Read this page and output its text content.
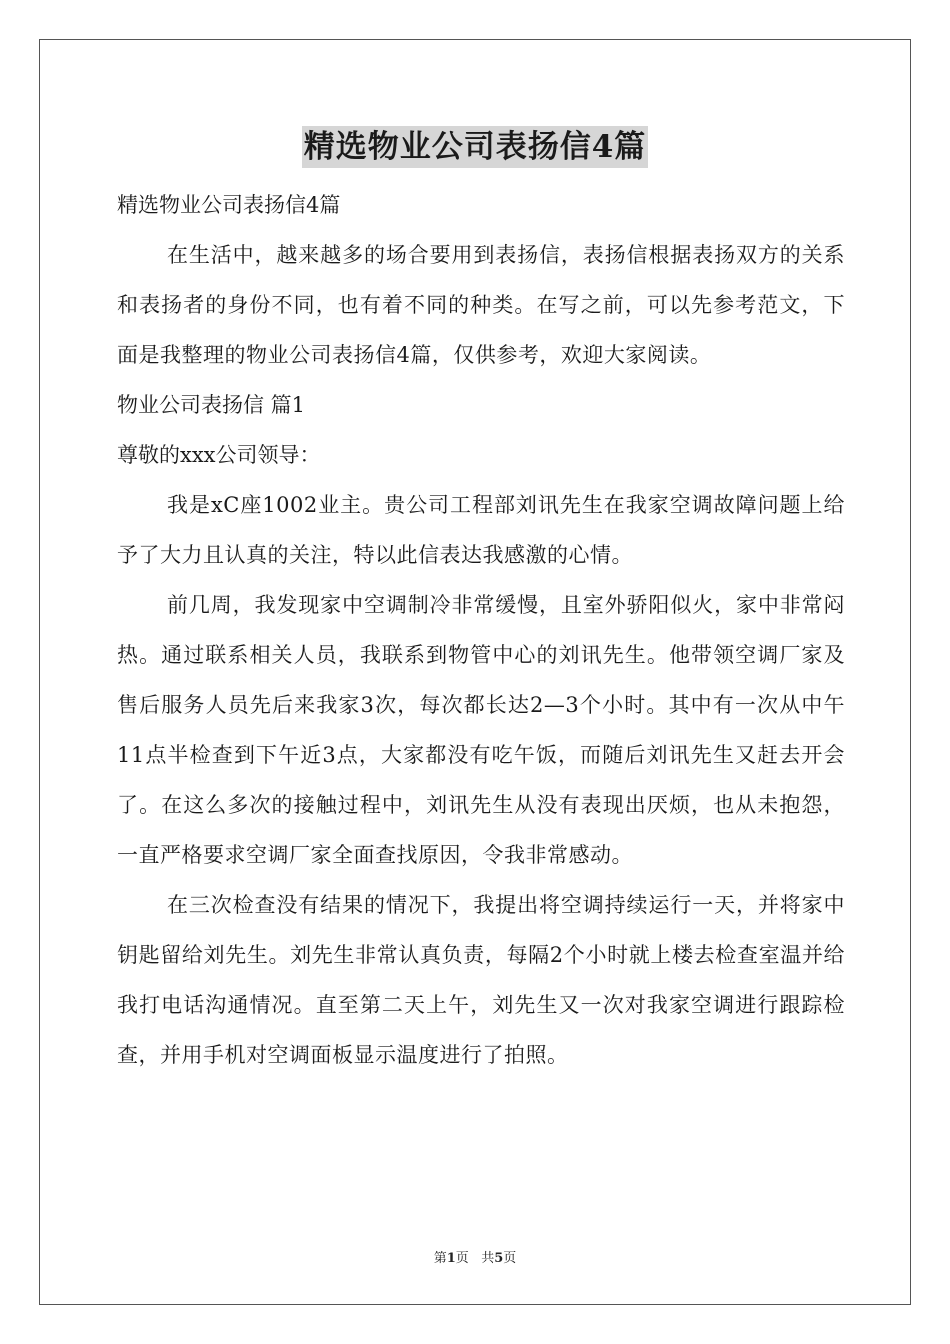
精选物业公司表扬信4篇

精选物业公司表扬信4篇

在生活中，越来越多的场合要用到表扬信，表扬信根据表扬双方的关系和表扬者的身份不同，也有着不同的种类。在写之前，可以先参考范文，下面是我整理的物业公司表扬信4篇，仅供参考，欢迎大家阅读。

物业公司表扬信 篇1

尊敬的xxx公司领导：

我是xC座1002业主。贵公司工程部刘讯先生在我家空调故障问题上给予了大力且认真的关注，特以此信表达我感激的心情。

前几周，我发现家中空调制冷非常缓慢，且室外骄阳似火，家中非常闷热。通过联系相关人员，我联系到物管中心的刘讯先生。他带领空调厂家及售后服务人员先后来我家3次，每次都长达2—3个小时。其中有一次从中午11点半检查到下午近3点，大家都没有吃午饭，而随后刘讯先生又赶去开会了。在这么多次的接触过程中，刘讯先生从没有表现出厌烦，也从未抱怨，一直严格要求空调厂家全面查找原因，令我非常感动。

在三次检查没有结果的情况下，我提出将空调持续运行一天，并将家中钥匙留给刘先生。刘先生非常认真负责，每隔2个小时就上楼去检查室温并给我打电话沟通情况。直至第二天上午，刘先生又一次对我家空调进行跟踪检查，并用手机对空调面板显示温度进行了拍照。

第1页   共5页
